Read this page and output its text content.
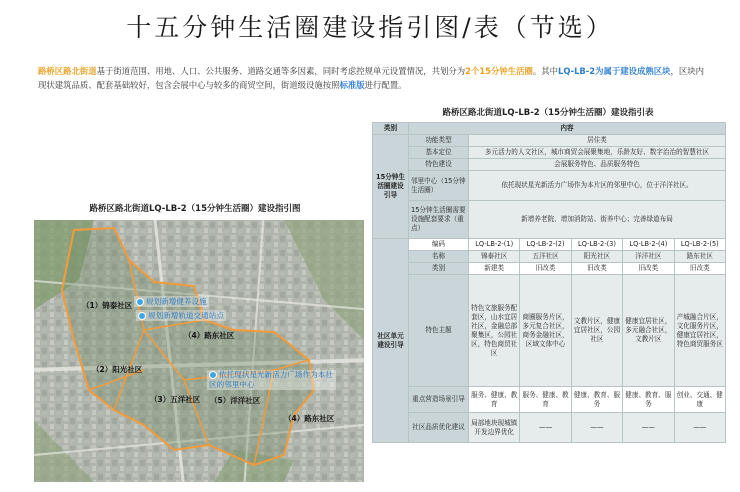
十五分钟生活圈建设指引图/表（节选）
路桥区路北街道基于街道范围、用地、人口、公共服务、道路交通等多因素，同时考虑控规单元设置情况，共划分为2个15分钟生活圈。其中LQ-LB-2为属于建设成熟区块，区块内现状建筑品质、配套基础较好，包含会展中心与较多的商贸空间，街道级设施按照标准版进行配置。
路桥区路北街道LQ-LB-2（15分钟生活圈）建设指引图
（1）锦泰社区
（2）阳光社区
（3）五洋社区
（4）路东社区
（5）洋洋社区
（4）路东社区
规划新增健养设施
规划新增轨道交通站点
依托现状星光新活力广场作为本社区的邻里中心
路桥区路北街道LQ-LB-2（15分钟生活圈）建设指引表
类别	内容					
15分钟生活圈建设引导	功能类型	居住类				
	基本定位	多元活力的人文社区，城市商贸会展聚集地，乐龄友好、数字治治的智慧社区				
	特色建设	会展服务特色、品质服务特色				
	邻里中心（15分钟生活圈）	依托现状星光新活力广场作为本片区的邻里中心，位于洋洋社区。				
	15分钟生活圈需要设施配套要求（重点）	新增养老院、增加消防站、街养中心；完善绿道布局				
社区单元建设引导	编码	LQ-LB-2-(1)	LQ-LB-2-(2)	LQ-LB-2-(3)	LQ-LB-2-(4)	LQ-LB-2-(5)
	名称	锦泰社区	五洋社区	阳光社区	洋洋社区	路东社区
	类别	新建类	旧改类	旧改类	旧改类	旧改类
	特色主题	特色文旅服务配套区，山水宜居社区，金融总部聚集区，公园社区，特色商贸社区	商圈服务片区，多元复合社区，商务金融社区，区域文体中心	文教片区，健康宜居社区，公园社区	健康宜居社区，多元融合社区，文教片区	产城融合片区，文化服务片区，健康宜居社区，特色商贸服务区
	重点营造场景引导	服务、健康、教育	服务、健康、教育	健康、教育、服务	健康、教育、服务	创业、交通、健康
	社区品质优化建议	局部地块现城镇开发边界优化	——	——	——	——
